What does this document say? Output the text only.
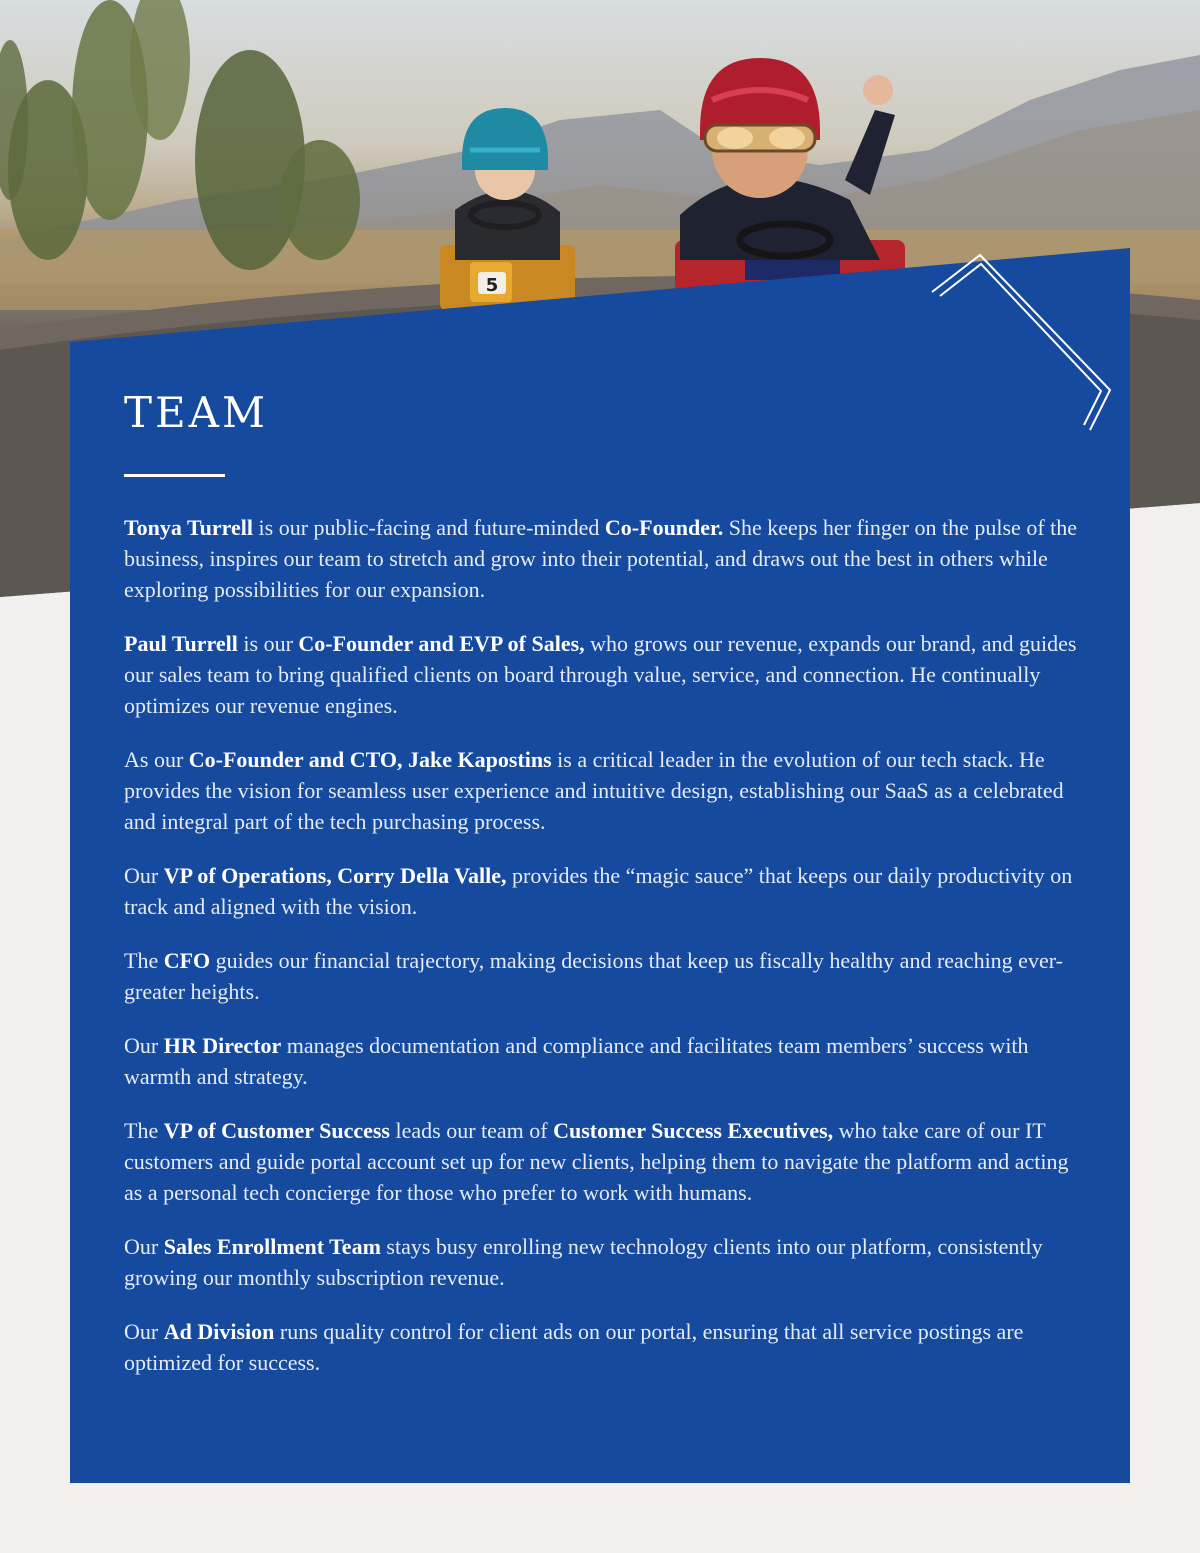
5
TEAM

Tonya Turrell is our public-facing and future-minded Co-Founder. She keeps her finger on the pulse of the business, inspires our team to stretch and grow into their potential, and draws out the best in others while exploring possibilities for our expansion.

Paul Turrell is our Co-Founder and EVP of Sales, who grows our revenue, expands our brand, and guides our sales team to bring qualified clients on board through value, service, and connection. He continually optimizes our revenue engines.

As our Co-Founder and CTO, Jake Kapostins is a critical leader in the evolution of our tech stack. He provides the vision for seamless user experience and intuitive design, establishing our SaaS as a celebrated and integral part of the tech purchasing process.

Our VP of Operations, Corry Della Valle, provides the “magic sauce” that keeps our daily productivity on track and aligned with the vision.

The CFO guides our financial trajectory, making decisions that keep us fiscally healthy and reaching ever-greater heights.

Our HR Director manages documentation and compliance and facilitates team members’ success with warmth and strategy.

The VP of Customer Success leads our team of Customer Success Executives, who take care of our IT customers and guide portal account set up for new clients, helping them to navigate the platform and acting as a personal tech concierge for those who prefer to work with humans.

Our Sales Enrollment Team stays busy enrolling new technology clients into our platform, consistently growing our monthly subscription revenue.

Our Ad Division runs quality control for client ads on our portal, ensuring that all service postings are optimized for success.
